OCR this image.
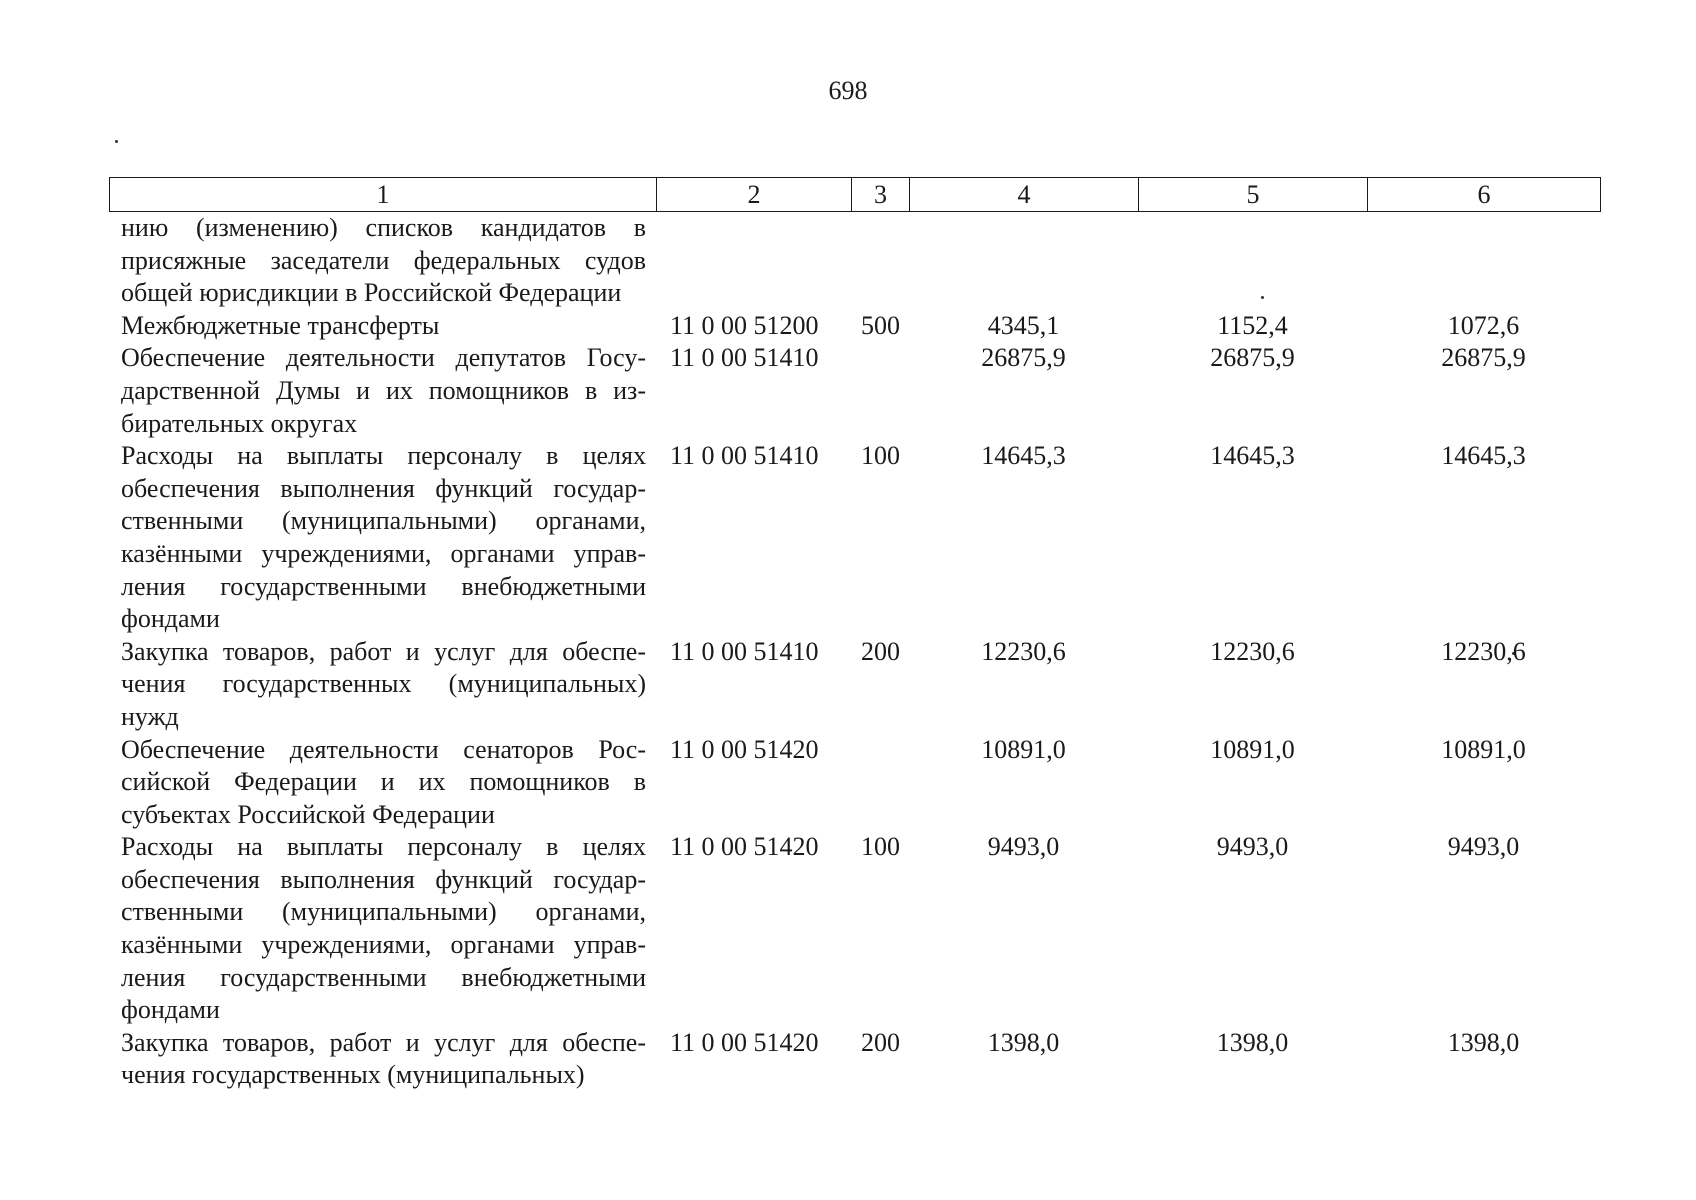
698
1	2	3	4	5	6
нию (изменению) списков кандидатов в присяжные заседатели федеральных судов общей юрисдикции в Российской Федерации					
Межбюджетные трансферты	11 0 00 51200	500	4345,1	1152,4	1072,6
Обеспечение деятельности депутатов Государственной Думы и их помощников в избирательных округах	11 0 00 51410		26875,9	26875,9	26875,9
Расходы на выплаты персоналу в целях обеспечения выполнения функций государственными (муниципальными) органами, казёнными учреждениями, органами управления государственными внебюджетными фондами	11 0 00 51410	100	14645,3	14645,3	14645,3
Закупка товаров, работ и услуг для обеспечения государственных (муниципальных) нужд	11 0 00 51410	200	12230,6	12230,6	12230,6
Обеспечение деятельности сенаторов Российской Федерации и их помощников в субъектах Российской Федерации	11 0 00 51420		10891,0	10891,0	10891,0
Расходы на выплаты персоналу в целях обеспечения выполнения функций государственными (муниципальными) органами, казёнными учреждениями, органами управления государственными внебюджетными фондами	11 0 00 51420	100	9493,0	9493,0	9493,0
Закупка товаров, работ и услуг для обеспечения государственных (муниципальных)	11 0 00 51420	200	1398,0	1398,0	1398,0
